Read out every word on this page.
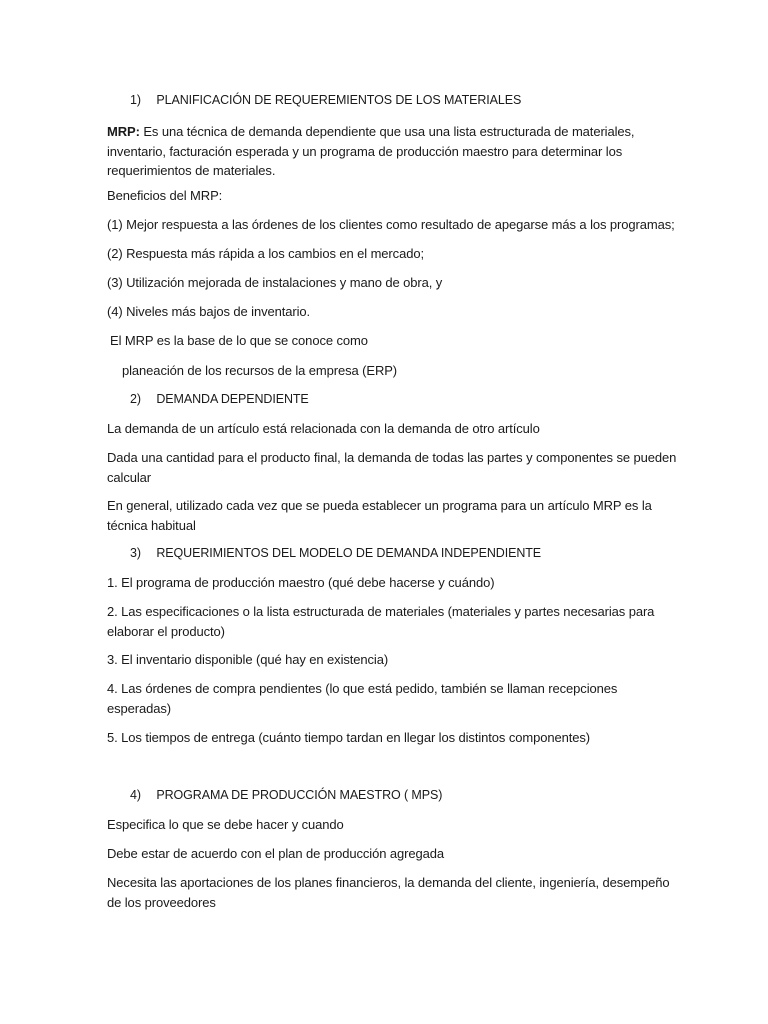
1) PLANIFICACIÓN DE REQUEREMIENTOS DE LOS MATERIALES
MRP: Es una técnica de demanda dependiente que usa una lista estructurada de materiales, inventario, facturación esperada y un programa de producción maestro para determinar los requerimientos de materiales.
Beneficios del MRP:
(1) Mejor respuesta a las órdenes de los clientes como resultado de apegarse más a los programas;
(2) Respuesta más rápida a los cambios en el mercado;
(3) Utilización mejorada de instalaciones y mano de obra, y
(4) Niveles más bajos de inventario.
El MRP es la base de lo que se conoce como
planeación de los recursos de la empresa (ERP)
2) DEMANDA DEPENDIENTE
La demanda de un artículo está relacionada con la demanda de otro artículo
Dada una cantidad para el producto final, la demanda de todas las partes y componentes se pueden calcular
En general, utilizado cada vez que se pueda establecer un programa para un artículo MRP es la técnica habitual
3) REQUERIMIENTOS DEL MODELO DE DEMANDA INDEPENDIENTE
1. El programa de producción maestro (qué debe hacerse y cuándo)
2. Las especificaciones o la lista estructurada de materiales (materiales y partes necesarias para elaborar el producto)
3. El inventario disponible (qué hay en existencia)
4. Las órdenes de compra pendientes (lo que está pedido, también se llaman recepciones esperadas)
5. Los tiempos de entrega (cuánto tiempo tardan en llegar los distintos componentes)
4) PROGRAMA DE PRODUCCIÓN MAESTRO ( MPS)
Especifica lo que se debe hacer y cuando
Debe estar de acuerdo con el plan de producción agregada
Necesita las aportaciones de los planes financieros, la demanda del cliente, ingeniería, desempeño de los proveedores
